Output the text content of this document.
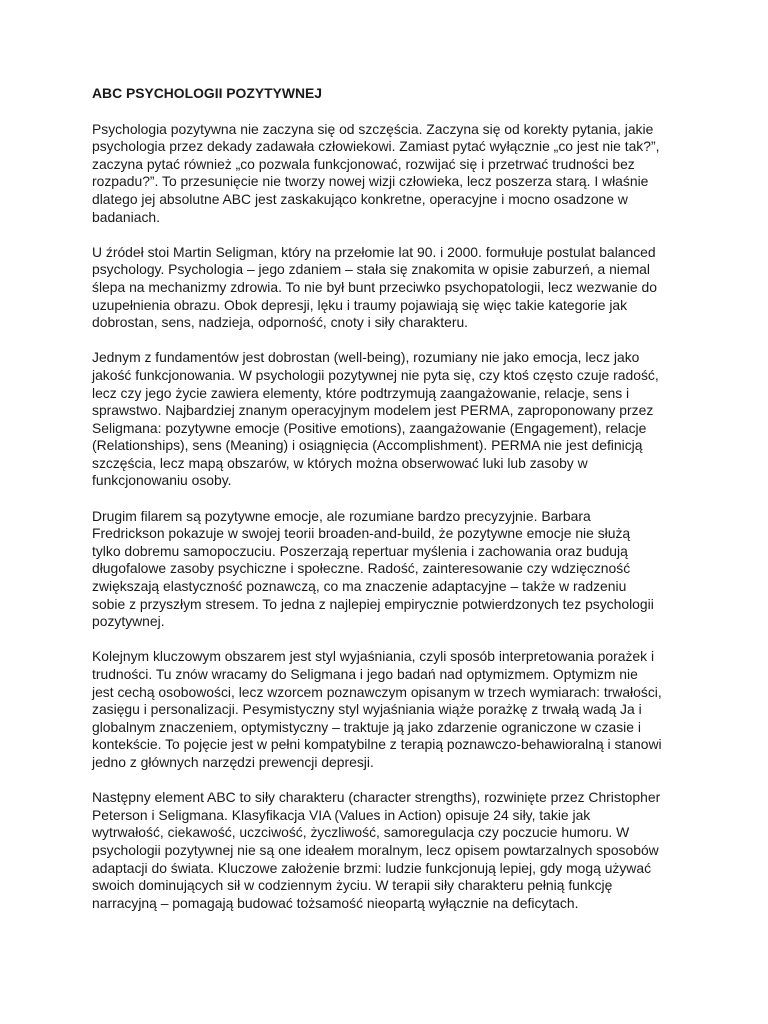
ABC PSYCHOLOGII POZYTYWNEJ
Psychologia pozytywna nie zaczyna się od szczęścia. Zaczyna się od korekty pytania, jakie
psychologia przez dekady zadawała człowiekowi. Zamiast pytać wyłącznie „co jest nie tak?”,
zaczyna pytać również „co pozwala funkcjonować, rozwijać się i przetrwać trudności bez
rozpadu?”. To przesunięcie nie tworzy nowej wizji człowieka, lecz poszerza starą. I właśnie
dlatego jej absolutne ABC jest zaskakująco konkretne, operacyjne i mocno osadzone w
badaniach.
U źródeł stoi Martin Seligman, który na przełomie lat 90. i 2000. formułuje postulat balanced
psychology. Psychologia – jego zdaniem – stała się znakomita w opisie zaburzeń, a niemal
ślepa na mechanizmy zdrowia. To nie był bunt przeciwko psychopatologii, lecz wezwanie do
uzupełnienia obrazu. Obok depresji, lęku i traumy pojawiają się więc takie kategorie jak
dobrostan, sens, nadzieja, odporność, cnoty i siły charakteru.
Jednym z fundamentów jest dobrostan (well-being), rozumiany nie jako emocja, lecz jako
jakość funkcjonowania. W psychologii pozytywnej nie pyta się, czy ktoś często czuje radość,
lecz czy jego życie zawiera elementy, które podtrzymują zaangażowanie, relacje, sens i
sprawstwo. Najbardziej znanym operacyjnym modelem jest PERMA, zaproponowany przez
Seligmana: pozytywne emocje (Positive emotions), zaangażowanie (Engagement), relacje
(Relationships), sens (Meaning) i osiągnięcia (Accomplishment). PERMA nie jest definicją
szczęścia, lecz mapą obszarów, w których można obserwować luki lub zasoby w
funkcjonowaniu osoby.
Drugim filarem są pozytywne emocje, ale rozumiane bardzo precyzyjnie. Barbara
Fredrickson pokazuje w swojej teorii broaden-and-build, że pozytywne emocje nie służą
tylko dobremu samopoczuciu. Poszerzają repertuar myślenia i zachowania oraz budują
długofalowe zasoby psychiczne i społeczne. Radość, zainteresowanie czy wdzięczność
zwiększają elastyczność poznawczą, co ma znaczenie adaptacyjne – także w radzeniu
sobie z przyszłym stresem. To jedna z najlepiej empirycznie potwierdzonych tez psychologii
pozytywnej.
Kolejnym kluczowym obszarem jest styl wyjaśniania, czyli sposób interpretowania porażek i
trudności. Tu znów wracamy do Seligmana i jego badań nad optymizmem. Optymizm nie
jest cechą osobowości, lecz wzorcem poznawczym opisanym w trzech wymiarach: trwałości,
zasięgu i personalizacji. Pesymistyczny styl wyjaśniania wiąże porażkę z trwałą wadą Ja i
globalnym znaczeniem, optymistyczny – traktuje ją jako zdarzenie ograniczone w czasie i
kontekście. To pojęcie jest w pełni kompatybilne z terapią poznawczo-behawioralną i stanowi
jedno z głównych narzędzi prewencji depresji.
Następny element ABC to siły charakteru (character strengths), rozwinięte przez Christopher
Peterson i Seligmana. Klasyfikacja VIA (Values in Action) opisuje 24 siły, takie jak
wytrwałość, ciekawość, uczciwość, życzliwość, samoregulacja czy poczucie humoru. W
psychologii pozytywnej nie są one ideałem moralnym, lecz opisem powtarzalnych sposobów
adaptacji do świata. Kluczowe założenie brzmi: ludzie funkcjonują lepiej, gdy mogą używać
swoich dominujących sił w codziennym życiu. W terapii siły charakteru pełnią funkcję
narracyjną – pomagają budować tożsamość nieopartą wyłącznie na deficytach.
